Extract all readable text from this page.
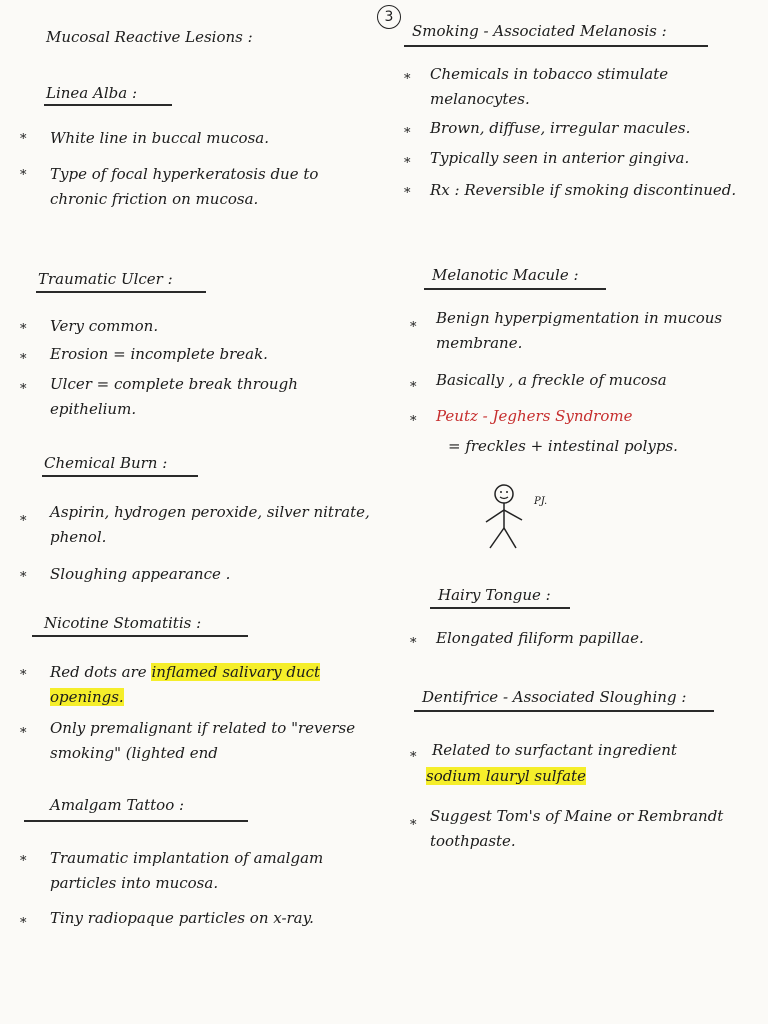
3
Mucosal Reactive Lesions :
Linea Alba :
* White line in buccal mucosa.
* Type of focal hyperkeratosis due to chronic friction on mucosa.
Traumatic Ulcer :
* Very common.
* Erosion = incomplete break.
* Ulcer = complete break through epithelium.
Chemical Burn :
*
Aspirin, hydrogen peroxide, silver nitrate, phenol.
* Sloughing appearance .
Nicotine Stomatitis :
* Red dots are inflamed salivary duct openings.
* Only premalignant if related to "reverse smoking" (lighted end
Amalgam Tattoo :
* Traumatic implantation of amalgam particles into mucosa.
* Tiny radiopaque particles on x-ray.
Smoking - Associated Melanosis :
* Chemicals in tobacco stimulate melanocytes.
* Brown, diffuse, irregular macules.
* Typically seen in anterior gingiva.
* Rx : Reversible if smoking discontinued.
Melanotic Macule :
*
Benign hyperpigmentation in mucous membrane.
* Basically , a freckle of mucosa
* Peutz - Jeghers Syndrome
= freckles + intestinal polyps.
PJ.
Hairy Tongue :
* Elongated filiform papillae.
Dentifrice - Associated Sloughing :
* Related to surfactant ingredient
sodium lauryl sulfate
*
Suggest Tom's of Maine or Rembrandt toothpaste.
